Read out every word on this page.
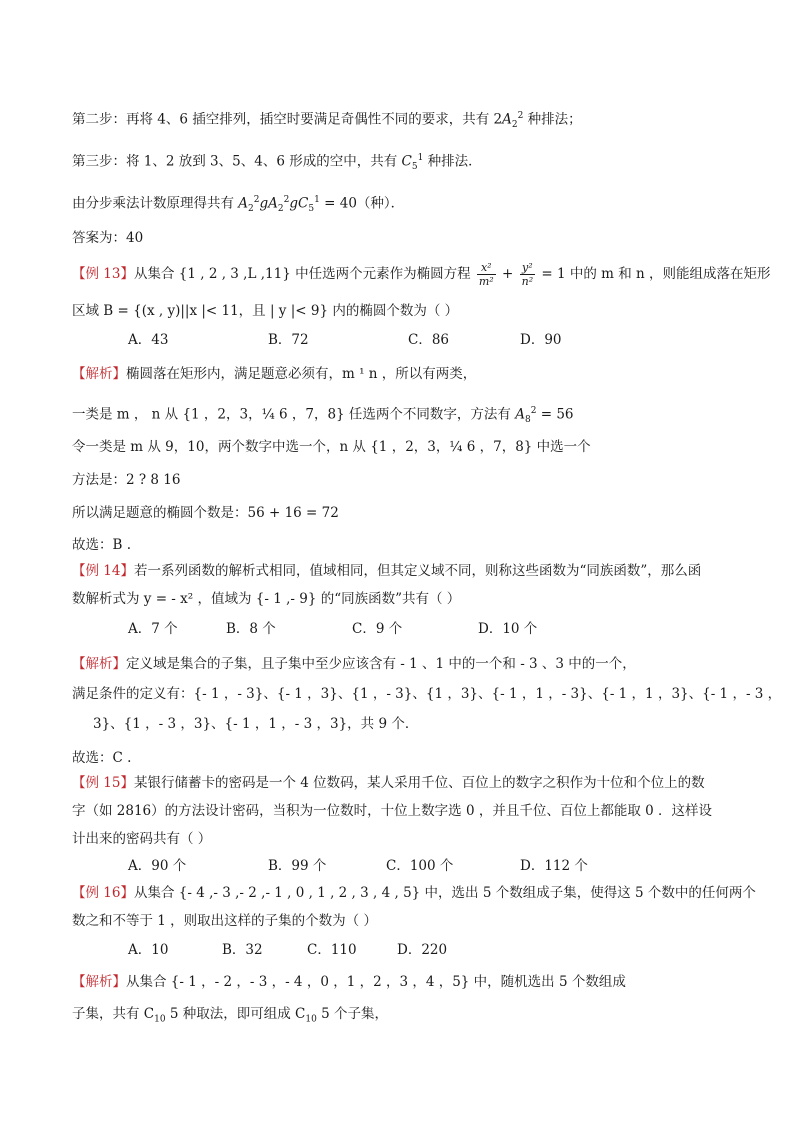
第二步：再将 4、6 插空排列，插空时要满足奇偶性不同的要求，共有 $2A_2^2$ 种排法；
第三步：将 1、2 放到 3、5、4、6 形成的空中，共有 $C_5^1$ 种排法．
由分步乘法计数原理得共有 $A_2^2gA_2^2gC_5^1 = 40$（种）．
答案为：40
【例 13】从集合 {1 , 2 , 3 ,L ,11} 中任选两个元素作为椭圆方程 $\frac{\text{x²}}{\text{m²}} + \frac{\text{y²}}{\text{n²}} = 1$ 中的 m 和 n ，则能组成落在矩形
区域 B = {(x , y)||x |< 11，且 | y |< 9} 内的椭圆个数为（ ）
A．43	B．72	C．86	D．90
【解析】椭圆落在矩形内，满足题意必须有，m ¹ n ，所以有两类，
一类是 m ， n 从 {1 ，2，3，¼ 6 ，7，8} 任选两个不同数字，方法有 $A_8^2 = 56$
令一类是 m 从 9，10，两个数字中选一个，n 从 {1 ，2，3，¼ 6 ，7，8} 中选一个
方法是：2 ? 8 16
所以满足题意的椭圆个数是：56 + 16 = 72
故选：B .
【例 14】若一系列函数的解析式相同，值域相同，但其定义域不同，则称这些函数为“同族函数”，那么函
数解析式为 y = - x² ，值域为 {- 1 ,- 9} 的“同族函数”共有（ ）
A．7 个	B．8 个	C．9 个	D．10 个
【解析】定义域是集合的子集，且子集中至少应该含有 - 1 、1 中的一个和 - 3 、3 中的一个，
满足条件的定义有：{- 1 ，- 3}、{- 1 ，3}、{1 ，- 3}、{1 ，3}、{- 1 ，1 ，- 3}、{- 1 ，1 ，3}、{- 1 ，- 3 ，
3}、{1 ，- 3 ，3}、{- 1 ，1 ，- 3 ，3}，共 9 个．
故选：C .
【例 15】某银行储蓄卡的密码是一个 4 位数码，某人采用千位、百位上的数字之积作为十位和个位上的数
字（如 2816）的方法设计密码，当积为一位数时，十位上数字选 0 ，并且千位、百位上都能取 0 ．这样设
计出来的密码共有（ ）
A．90 个	B．99 个	C．100 个	D．112 个
【例 16】从集合 {- 4 ,- 3 ,- 2 ,- 1 , 0 , 1 , 2 , 3 , 4 , 5} 中，选出 5 个数组成子集，使得这 5 个数中的任何两个
数之和不等于 1 ，则取出这样的子集的个数为（ ）
A．10	B．32	C．110	D．220
【解析】从集合 {- 1 ，- 2 ，- 3 ，- 4 ，0 ，1 ，2 ，3 ，4 ，5} 中，随机选出 5 个数组成
子集，共有 $C_{10}$ 5 种取法，即可组成 $C_{10}$ 5 个子集，
